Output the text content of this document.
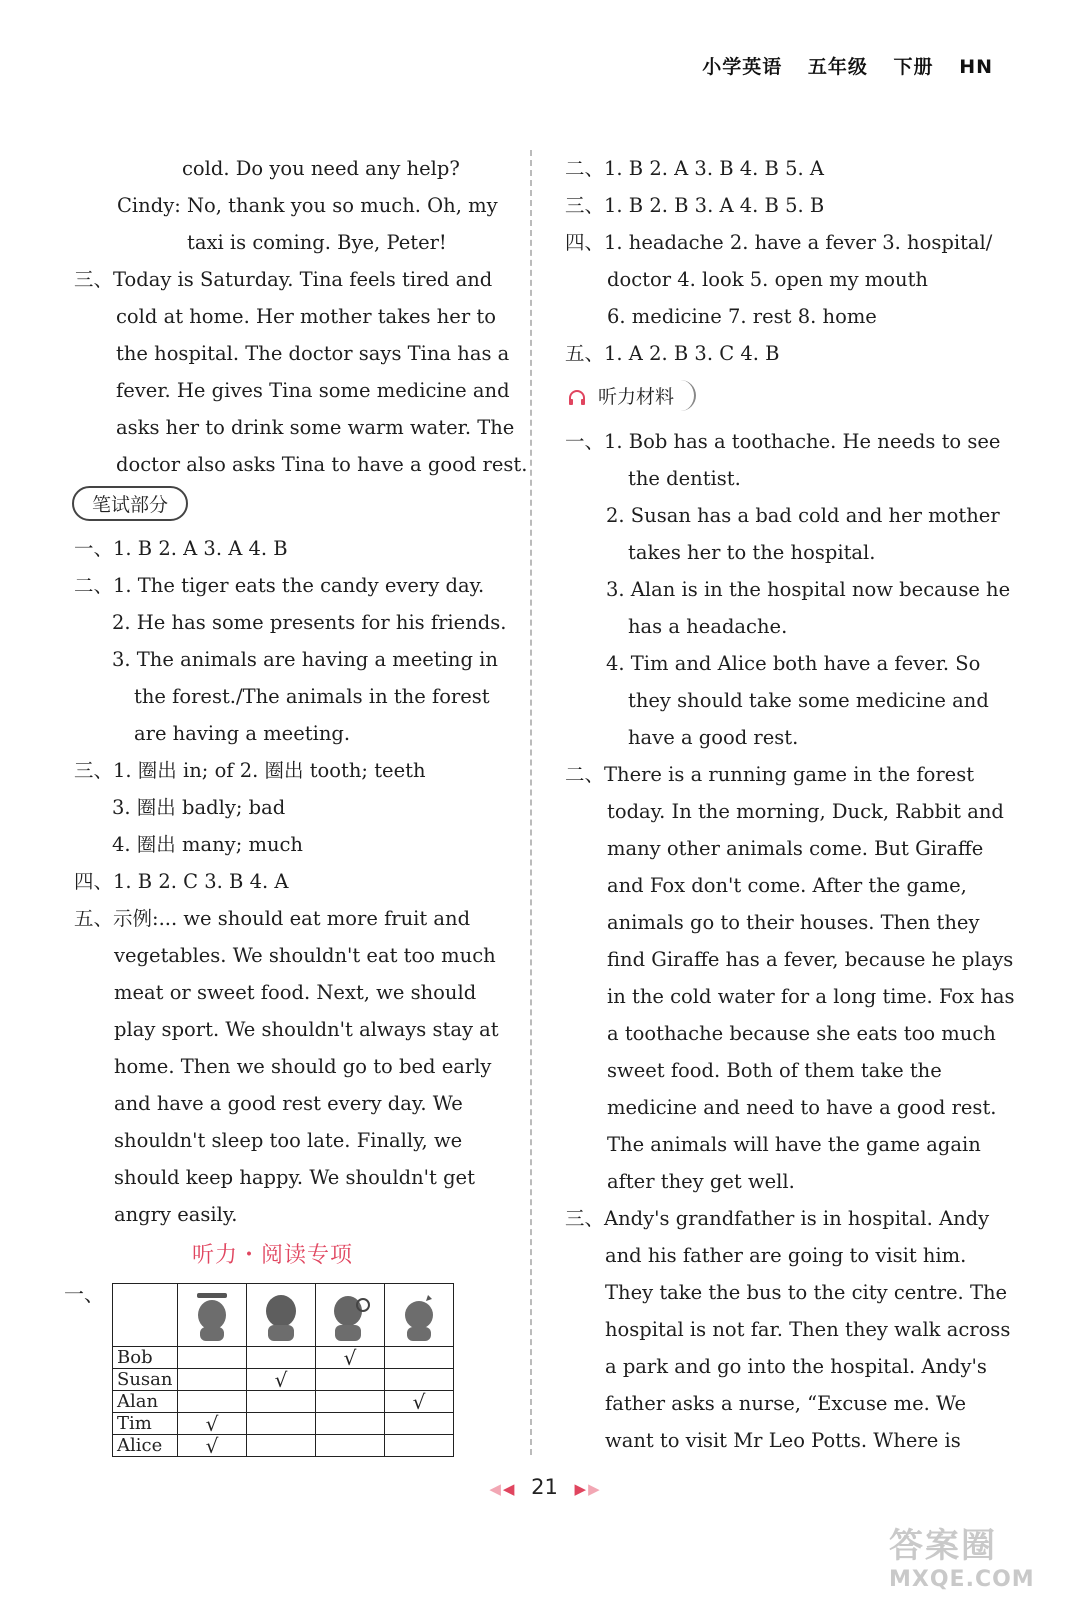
小学英语 五年级 下册 HN
cold. Do you need any help?
Cindy: No, thank you so much. Oh, my
taxi is coming. Bye, Peter!
三、Today is Saturday. Tina feels tired and
cold at home. Her mother takes her to
the hospital. The doctor says Tina has a
fever. He gives Tina some medicine and
asks her to drink some warm water. The
doctor also asks Tina to have a good rest.
笔试部分
一、1. B 2. A 3. A 4. B
二、1. The tiger eats the candy every day.
2. He has some presents for his friends.
3. The animals are having a meeting in
the forest./The animals in the forest
are having a meeting.
三、1. 圈出 in; of 2. 圈出 tooth; teeth
3. 圈出 badly; bad
4. 圈出 many; much
四、1. B 2. C 3. B 4. A
五、示例:... we should eat more fruit and
vegetables. We shouldn't eat too much
meat or sweet food. Next, we should
play sport. We shouldn't always stay at
home. Then we should go to bed early
and have a good rest every day. We
shouldn't sleep too late. Finally, we
should keep happy. We shouldn't get
angry easily.
听力・阅读专项
一、

Bob			√	
Susan		√		
Alan				√
Tim	√			
Alice	√			
二、1. B 2. A 3. B 4. B 5. A
三、1. B 2. B 3. A 4. B 5. B
四、1. headache 2. have a fever 3. hospital/
doctor 4. look 5. open my mouth
6. medicine 7. rest 8. home
五、1. A 2. B 3. C 4. B
听力材料
一、1. Bob has a toothache. He needs to see
the dentist.
2. Susan has a bad cold and her mother
takes her to the hospital.
3. Alan is in the hospital now because he
has a headache.
4. Tim and Alice both have a fever. So
they should take some medicine and
have a good rest.
二、There is a running game in the forest
today. In the morning, Duck, Rabbit and
many other animals come. But Giraffe
and Fox don't come. After the game,
animals go to their houses. Then they
find Giraffe has a fever, because he plays
in the cold water for a long time. Fox has
a toothache because she eats too much
sweet food. Both of them take the
medicine and need to have a good rest.
The animals will have the game again
after they get well.
三、Andy's grandfather is in hospital. Andy
and his father are going to visit him.
They take the bus to the city centre. The
hospital is not far. Then they walk across
a park and go into the hospital. Andy's
father asks a nurse, “Excuse me. We
want to visit Mr Leo Potts. Where is
◀ ◀ 21 ▶ ▶
答案圈
MXQE.COM
